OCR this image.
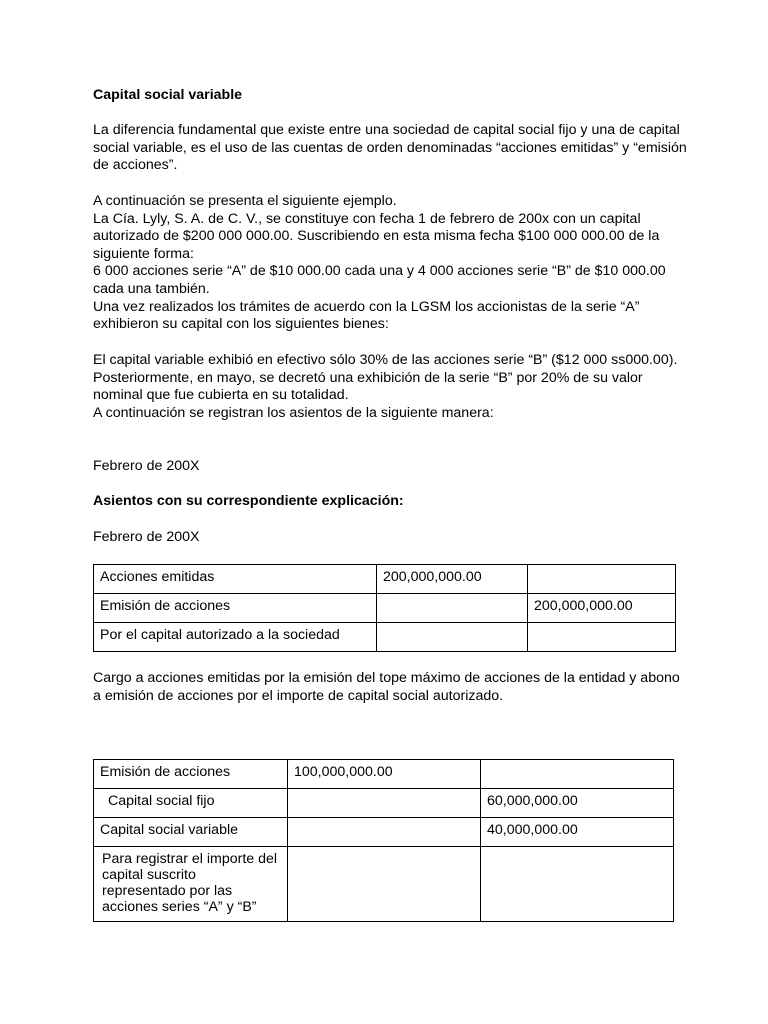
Capital social variable

La diferencia fundamental que existe entre una sociedad de capital social fijo y una de capital social variable, es el uso de las cuentas de orden denominadas “acciones emitidas” y “emisión de acciones”.

A continuación se presenta el siguiente ejemplo.

La Cía. Lyly, S. A. de C. V., se constituye con fecha 1 de febrero de 200x con un capital autorizado de $200 000 000.00. Suscribiendo en esta misma fecha $100 000 000.00 de la siguiente forma:

6 000 acciones serie “A” de $10 000.00 cada una y 4 000 acciones serie “B” de $10 000.00 cada una también.

Una vez realizados los trámites de acuerdo con la LGSM los accionistas de la serie “A” exhibieron su capital con los siguientes bienes:

El capital variable exhibió en efectivo sólo 30% de las acciones serie “B” ($12 000 ss000.00).

Posteriormente, en mayo, se decretó una exhibición de la serie “B” por 20% de su valor nominal que fue cubierta en su totalidad.

A continuación se registran los asientos de la siguiente manera:

Febrero de 200X

Asientos con su correspondiente explicación:

Febrero de 200X

Acciones emitidas	200,000,000.00	
Emisión de acciones		200,000,000.00
Por el capital autorizado a la sociedad		

Cargo a acciones emitidas por la emisión del tope máximo de acciones de la entidad y abono a emisión de acciones por el importe de capital social autorizado.

Emisión de acciones	100,000,000.00	
Capital social fijo		60,000,000.00
Capital social variable		40,000,000.00
Para registrar el importe del capital suscrito representado por las acciones series “A” y “B”		
